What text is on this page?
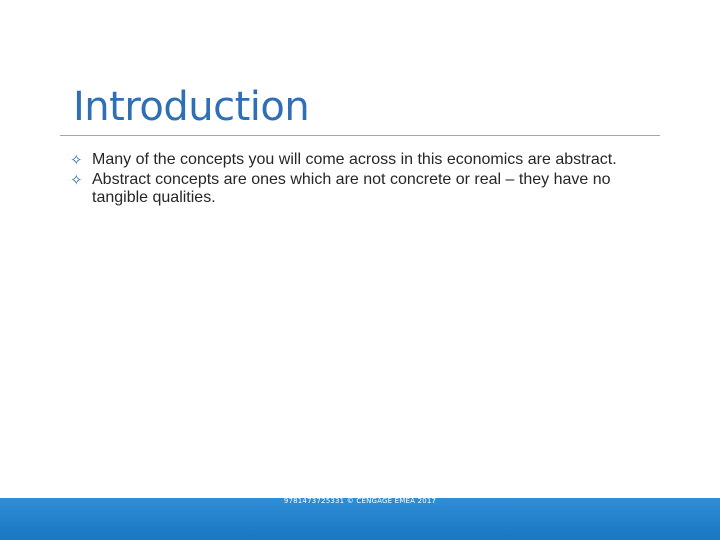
Introduction
✧ Many of the concepts you will come across in this economics are abstract.
✧ Abstract concepts are ones which are not concrete or real – they have no tangible qualities.
FOR USE WITH MANKIW AND TAYLOR, ECONOMICS 4TH EDITION
9781473725331 © CENGAGE EMEA 2017
